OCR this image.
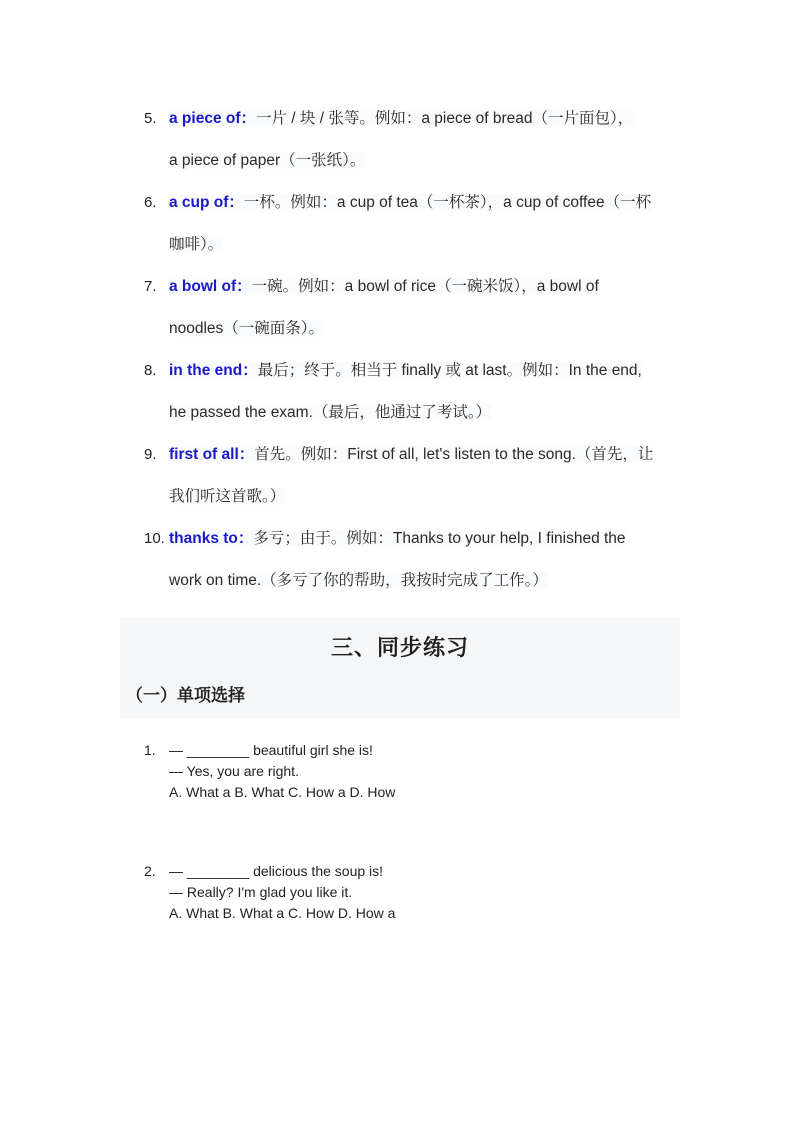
5. a piece of：一片 / 块 / 张等。例如：a piece of bread（一片面包），
a piece of paper（一张纸）。
6. a cup of：一杯。例如：a cup of tea（一杯茶），a cup of coffee（一杯
咖啡）。
7. a bowl of：一碗。例如：a bowl of rice（一碗米饭），a bowl of
noodles（一碗面条）。
8. in the end：最后；终于。相当于 finally 或 at last。例如：In the end,
he passed the exam.（最后，他通过了考试。）
9. first of all：首先。例如：First of all, let's listen to the song.（首先，让
我们听这首歌。）
10. thanks to：多亏；由于。例如：Thanks to your help, I finished the
work on time.（多亏了你的帮助，我按时完成了工作。）
三、同步练习
（一）单项选择
1. — ________ beautiful girl she is!
— Yes, you are right.
A. What a B. What C. How a D. How
2. — ________ delicious the soup is!
— Really? I'm glad you like it.
A. What B. What a C. How D. How a
